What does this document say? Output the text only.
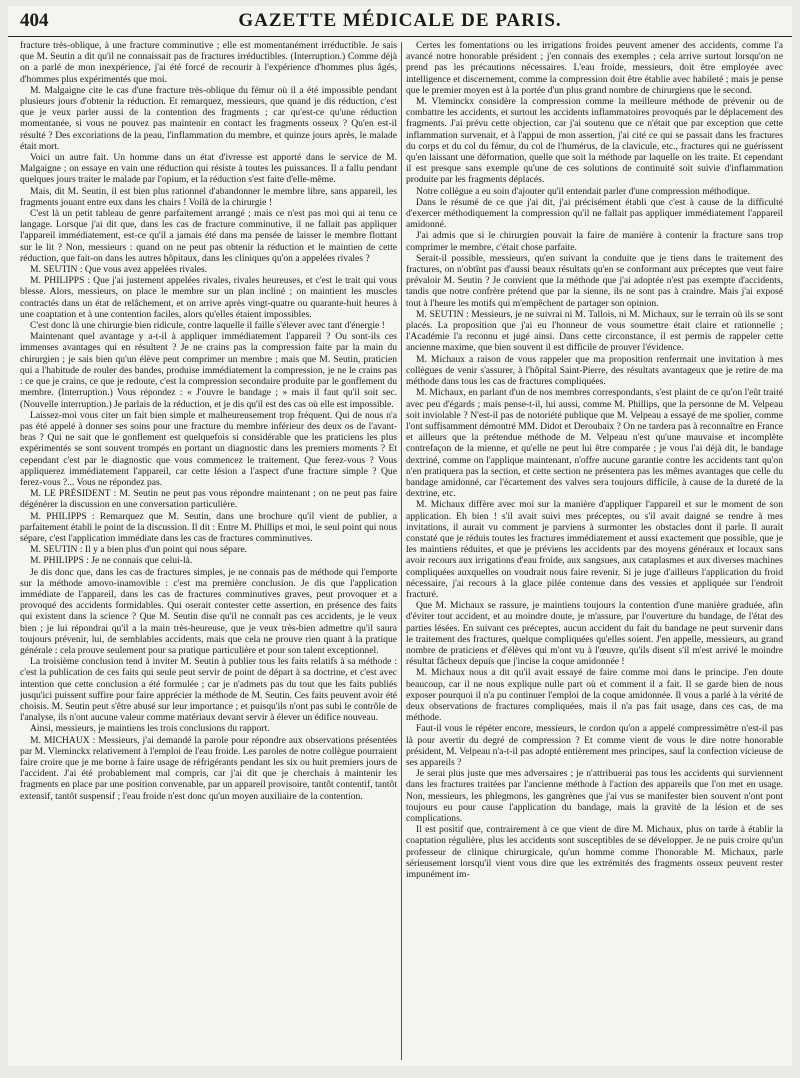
404	GAZETTE MÉDICALE DE PARIS.

fracture très-oblique, à une fracture comminutive ; elle est momentanément irréductible. Je sais que M. Seutin a dit qu'il ne connaissait pas de fractures irréductibles. (Interruption.) Comme déjà on a parlé de mon inexpérience, j'ai été forcé de recourir à l'expérience d'hommes plus âgés, d'hommes plus expérimentés que moi.

M. Malgaigne cite le cas d'une fracture très-oblique du fémur où il a été impossible pendant plusieurs jours d'obtenir la réduction. Et remarquez, messieurs, que quand je dis réduction, c'est que je veux parler aussi de la contention des fragments ; car qu'est-ce qu'une réduction momentanée, si vous ne pouvez pas maintenir en contact les fragments osseux ? Qu'en est-il résulté ? Des excoriations de la peau, l'inflammation du membre, et quinze jours après, le malade était mort.

Voici un autre fait. Un homme dans un état d'ivresse est apporté dans le service de M. Malgaigne ; on essaye en vain une réduction qui résiste à toutes les puissances. Il a fallu pendant quelques jours traiter le malade par l'opium, et la réduction s'est faite d'elle-même.

Mais, dit M. Seutin, il est bien plus rationnel d'abandonner le membre libre, sans appareil, les fragments jouant entre eux dans les chairs ! Voilà de la chirurgie !

C'est là un petit tableau de genre parfaitement arrangé ; mais ce n'est pas moi qui ai tenu ce langage. Lorsque j'ai dit que, dans les cas de fracture comminutive, il ne fallait pas appliquer l'appareil immédiatement, est-ce qu'il a jamais été dans ma pensée de laisser le membre flottant sur le lit ? Non, messieurs : quand on ne peut pas obtenir la réduction et le maintien de cette réduction, que fait-on dans les autres hôpitaux, dans les cliniques qu'on a appelées rivales ?

M. SEUTIN : Que vous avez appelées rivales.

M. PHILIPPS : Que j'ai justement appelées rivales, rivales heureuses, et c'est le trait qui vous blesse. Alors, messieurs, on place le membre sur un plan incliné ; on maintient les muscles contractés dans un état de relâchement, et on arrive après vingt-quatre ou quarante-huit heures à une coaptation et à une contention faciles, alors qu'elles étaient impossibles.

C'est donc là une chirurgie bien ridicule, contre laquelle il faille s'élever avec tant d'énergie !

Maintenant quel avantage y a-t-il à appliquer immédiatement l'appareil ? Ou sont-ils ces immenses avantages qui en résultent ? Je ne crains pas la compression faite par la main du chirurgien ; je sais bien qu'un élève peut comprimer un membre ; mais que M. Seutin, praticien qui a l'habitude de rouler des bandes, produise immédiatement la compression, je ne le crains pas : ce que je crains, ce que je redoute, c'est la compression secondaire produite par le gonflement du membre. (Interruption.) Vous répondez : « J'ouvre le bandage ; » mais il faut qu'il soit sec. (Nouvelle interruption.) Je parlais de la réduction, et je dis qu'il est des cas où elle est impossible.

Laissez-moi vous citer un fait bien simple et malheureusement trop fréquent. Qui de nous n'a pas été appelé à donner ses soins pour une fracture du membre inférieur des deux os de l'avant-bras ? Qui ne sait que le gonflement est quelquefois si considérable que les praticiens les plus expérimentés se sont souvent trompés en portant un diagnostic dans les premiers moments ? Et cependant c'est par le diagnostic que vous commencez le traitement. Que ferez-vous ? Vous appliquerez immédiatement l'appareil, car cette lésion a l'aspect d'une fracture simple ? Que ferez-vous ?... Vous ne répondez pas.

M. LE PRÉSIDENT : M. Seutin ne peut pas vous répondre maintenant ; on ne peut pas faire dégénérer la discussion en une conversation particulière.

M. PHILIPPS : Remarquez que M. Seutin, dans une brochure qu'il vient de publier, a parfaitement établi le point de la discussion. Il dit : Entre M. Phillips et moi, le seul point qui nous sépare, c'est l'application immédiate dans les cas de fractures comminutives.

M. SEUTIN : Il y a bien plus d'un point qui nous sépare.

M. PHILIPPS : Je ne connais que celui-là.

Je dis donc que, dans les cas de fractures simples, je ne connais pas de méthode qui l'emporte sur la méthode amovo-inamovible : c'est ma première conclusion. Je dis que l'application immédiate de l'appareil, dans les cas de fractures comminutives graves, peut provoquer et a provoqué des accidents formidables. Qui oserait contester cette assertion, en présence des faits qui existent dans la science ? Que M. Seutin dise qu'il ne connaît pas ces accidents, je le veux bien ; je lui répondrai qu'il a la main très-heureuse, que je veux très-bien admettre qu'il saura toujours prévenir, lui, de semblables accidents, mais que cela ne prouve rien quant à la pratique générale : cela prouve seulement pour sa pratique particulière et pour son talent exceptionnel.

La troisième conclusion tend à inviter M. Seutin à publier tous les faits relatifs à sa méthode : c'est la publication de ces faits qui seule peut servir de point de départ à sa doctrine, et c'est avec intention que cette conclusion a été formulée ; car je n'admets pas du tout que les faits publiés jusqu'ici puissent suffire pour faire apprécier la méthode de M. Seutin. Ces faits peuvent avoir été choisis. M. Seutin peut s'être abusé sur leur importance ; et puisqu'ils n'ont pas subi le contrôle de l'analyse, ils n'ont aucune valeur comme matériaux devant servir à élever un édifice nouveau.

Ainsi, messieurs, je maintiens les trois conclusions du rapport.

M. MICHAUX : Messieurs, j'ai demandé la parole pour répondre aux observations présentées par M. Vleminckx relativement à l'emploi de l'eau froide. Les paroles de notre collègue pourraient faire croire que je me borne à faire usage de réfrigérants pendant les six ou huit premiers jours de l'accident. J'ai été probablement mal compris, car j'ai dit que je cherchais à maintenir les fragments en place par une position convenable, par un appareil provisoire, tantôt contentif, tantôt extensif, tantôt suspensif ; l'eau froide n'est donc qu'un moyen auxiliaire de la contention.

Certes les fomentations ou les irrigations froides peuvent amener des accidents, comme l'a avancé notre honorable président ; j'en connais des exemples ; cela arrive surtout lorsqu'on ne prend pas les précautions nécessaires. L'eau froide, messieurs, doit être employée avec intelligence et discernement, comme la compression doit être établie avec habileté ; mais je pense que le premier moyen est à la portée d'un plus grand nombre de chirurgiens que le second.

M. Vleminckx considère la compression comme la meilleure méthode de prévenir ou de combattre les accidents, et surtout les accidents inflammatoires provoqués par le déplacement des fragments. J'ai prévu cette objection, car j'ai soutenu que ce n'était que par exception que cette inflammation survenait, et à l'appui de mon assertion, j'ai cité ce qui se passait dans les fractures du corps et du col du fémur, du col de l'humérus, de la clavicule, etc., fractures qui ne guérissent qu'en laissant une déformation, quelle que soit la méthode par laquelle on les traite. Et cependant il est presque sans exemple qu'une de ces solutions de continuité soit suivie d'inflammation produite par les fragments déplacés.

Notre collègue a eu soin d'ajouter qu'il entendait parler d'une compression méthodique.

Dans le résumé de ce que j'ai dit, j'ai précisément établi que c'est à cause de la difficulté d'exercer méthodiquement la compression qu'il ne fallait pas appliquer immédiatement l'appareil amidonné.

J'ai admis que si le chirurgien pouvait la faire de manière à contenir la fracture sans trop comprimer le membre, c'était chose parfaite.

Serait-il possible, messieurs, qu'en suivant la conduite que je tiens dans le traitement des fractures, on n'obtînt pas d'aussi beaux résultats qu'en se conformant aux préceptes que veut faire prévaloir M. Seutin ? Je convient que la méthode que j'ai adoptée n'est pas exempte d'accidents, tandis que notre confrère prétend que par la sienne, ils ne sont pas à craindre. Mais j'ai exposé tout à l'heure les motifs qui m'empêchent de partager son opinion.

M. SEUTIN : Messieurs, je ne suivrai ni M. Tallois, ni M. Michaux, sur le terrain où ils se sont placés. La proposition que j'ai eu l'honneur de vous soumettre était claire et rationnelle ; l'Académie l'a reconnu et jugé ainsi. Dans cette circonstance, il est permis de rappeler cette ancienne maxime, que bien souvent il est difficile de prouver l'évidence.

M. Michaux a raison de vous rappeler que ma proposition renfermait une invitation à mes collègues de venir s'assurer, à l'hôpital Saint-Pierre, des résultats avantageux que je retire de ma méthode dans tous les cas de fractures compliquées.

M. Michaux, en parlant d'un de nos membres correspondants, s'est plaint de ce qu'on l'eût traité avec peu d'égards ; mais pense-t-il, lui aussi, comme M. Phillips, que la personne de M. Velpeau soit inviolable ? N'est-il pas de notoriété publique que M. Velpeau a essayé de me spolier, comme l'ont suffisamment démontré MM. Didot et Deroubaix ? On ne tardera pas à reconnaître en France et ailleurs que la prétendue méthode de M. Velpeau n'est qu'une mauvaise et incomplète contrefaçon de la mienne, et qu'elle ne peut lui être comparée ; je vous l'ai déjà dit, le bandage dextriné, comme on l'applique maintenant, n'offre aucune garantie contre les accidents tant qu'on n'en pratiquera pas la section, et cette section ne présentera pas les mêmes avantages que celle du bandage amidonné, car l'écartement des valves sera toujours difficile, à cause de la dureté de la dextrine, etc.

M. Michaux diffère avec moi sur la manière d'appliquer l'appareil et sur le moment de son application. Eh bien ! s'il avait suivi mes préceptes, ou s'il avait daigné se rendre à mes invitations, il aurait vu comment je parviens à surmonter les obstacles dont il parle. Il aurait constaté que je réduis toutes les fractures immédiatement et aussi exactement que possible, que je les maintiens réduites, et que je préviens les accidents par des moyens généraux et locaux sans avoir recours aux irrigations d'eau froide, aux sangsues, aux cataplasmes et aux diverses machines compliquées auxquelles on voudrait nous faire revenir. Si je juge d'ailleurs l'application du froid nécessaire, j'ai recours à la glace pilée contenue dans des vessies et appliquée sur l'endroit fracturé.

Que M. Michaux se rassure, je maintiens toujours la contention d'une manière graduée, afin d'éviter tout accident, et au moindre doute, je m'assure, par l'ouverture du bandage, de l'état des parties lésées. En suivant ces préceptes, aucun accident du fait du bandage ne peut survenir dans le traitement des fractures, quelque compliquées qu'elles soient. J'en appelle, messieurs, au grand nombre de praticiens et d'élèves qui m'ont vu à l'œuvre, qu'ils disent s'il m'est arrivé le moindre résultat fâcheux depuis que j'incise la coque amidonnée !

M. Michaux nous a dit qu'il avait essayé de faire comme moi dans le principe. J'en doute beaucoup, car il ne nous explique nulle part où et comment il a fait. Il se garde bien de nous exposer pourquoi il n'a pu continuer l'emploi de la coque amidonnée. Il vous a parlé à la vérité de deux observations de fractures compliquées, mais il n'a pas fait usage, dans ces cas, de ma méthode.

Faut-il vous le répéter encore, messieurs, le cordon qu'on a appelé compressimètre n'est-il pas là pour avertir du degré de compression ? Et comme vient de vous le dire notre honorable président, M. Velpeau n'a-t-il pas adopté entièrement mes principes, sauf la confection vicieuse de ses appareils ?

Je serai plus juste que mes adversaires ; je n'attribuerai pas tous les accidents qui surviennent dans les fractures traitées par l'ancienne méthode à l'action des appareils que l'on met en usage. Non, messieurs, les phlegmons, les gangrènes que j'ai vus se manifester bien souvent n'ont pont toujours eu pour cause l'application du bandage, mais la gravité de la lésion et de ses complications.

Il est positif que, contrairement à ce que vient de dire M. Michaux, plus on tarde à établir la coaptation régulière, plus les accidents sont susceptibles de se développer. Je ne puis croire qu'un professeur de clinique chirurgicale, qu'un homme comme l'honorable M. Michaux, parle sérieusement lorsqu'il vient vous dire que les extrémités des fragments osseux peuvent rester impunément im-
